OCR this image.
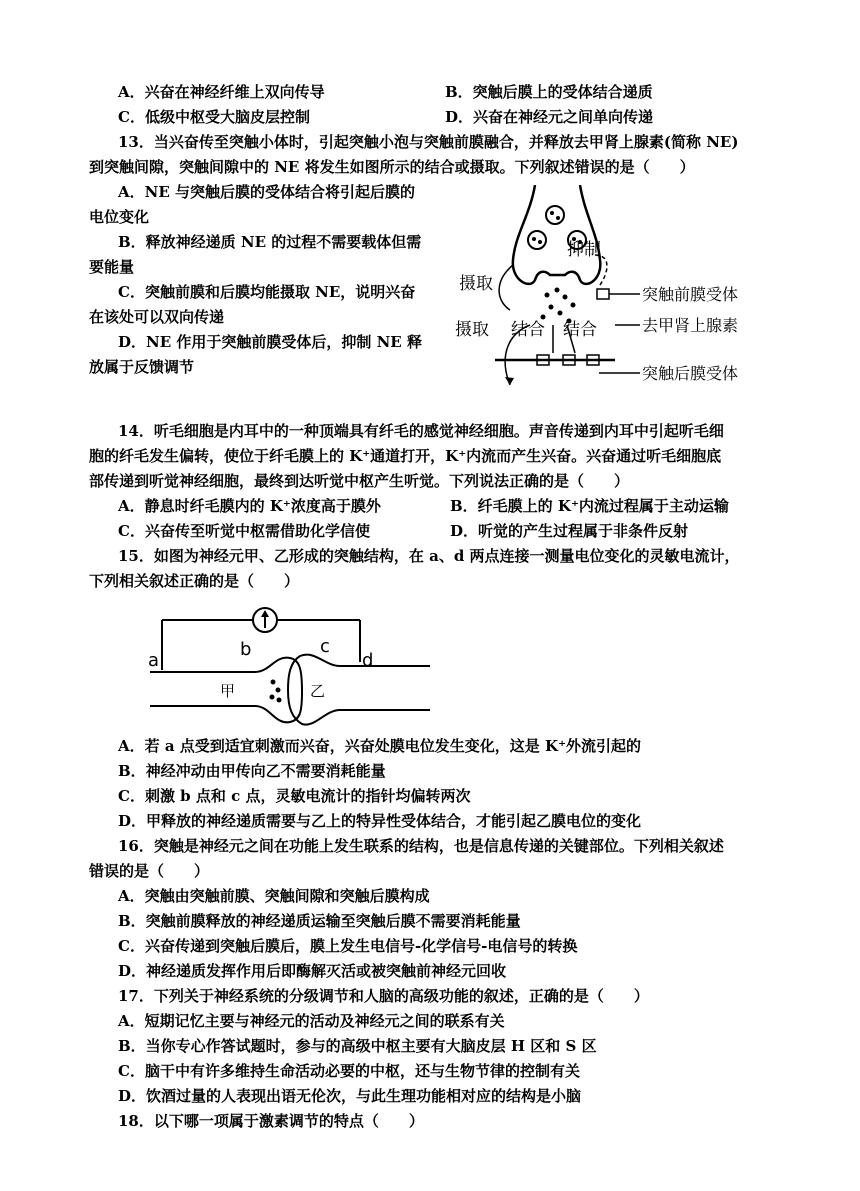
A．兴奋在神经纤维上双向传导	B．突触后膜上的受体结合递质
C．低级中枢受大脑皮层控制	D．兴奋在神经元之间单向传递
13．当兴奋传至突触小体时，引起突触小泡与突触前膜融合，并释放去甲肾上腺素(简称 NE)
到突触间隙，突触间隙中的 NE 将发生如图所示的结合或摄取。下列叙述错误的是（　　）
A．NE 与突触后膜的受体结合将引起后膜的
电位变化
B．释放神经递质 NE 的过程不需要载体但需
要能量
C．突触前膜和后膜均能摄取 NE，说明兴奋
在该处可以双向传递
D．NE 作用于突触前膜受体后，抑制 NE 释
放属于反馈调节
抑制
摄取
摄取 结合 结合
突触前膜受体
去甲肾上腺素
突触后膜受体
14．听毛细胞是内耳中的一种顶端具有纤毛的感觉神经细胞。声音传递到内耳中引起听毛细
胞的纤毛发生偏转，使位于纤毛膜上的 K⁺通道打开，K⁺内流而产生兴奋。兴奋通过听毛细胞底
部传递到听觉神经细胞，最终到达听觉中枢产生听觉。下列说法正确的是（　　）
A．静息时纤毛膜内的 K⁺浓度高于膜外	B．纤毛膜上的 K⁺内流过程属于主动运输
C．兴奋传至听觉中枢需借助化学信使	D．听觉的产生过程属于非条件反射
15．如图为神经元甲、乙形成的突触结构，在 a、d 两点连接一测量电位变化的灵敏电流计，
下列相关叙述正确的是（　　）
a
b	c
d
甲	乙
A．若 a 点受到适宜刺激而兴奋，兴奋处膜电位发生变化，这是 K⁺外流引起的
B．神经冲动由甲传向乙不需要消耗能量
C．刺激 b 点和 c 点，灵敏电流计的指针均偏转两次
D．甲释放的神经递质需要与乙上的特异性受体结合，才能引起乙膜电位的变化
16．突触是神经元之间在功能上发生联系的结构，也是信息传递的关键部位。下列相关叙述
错误的是（　　）
A．突触由突触前膜、突触间隙和突触后膜构成
B．突触前膜释放的神经递质运输至突触后膜不需要消耗能量
C．兴奋传递到突触后膜后，膜上发生电信号-化学信号-电信号的转换
D．神经递质发挥作用后即酶解灭活或被突触前神经元回收
17．下列关于神经系统的分级调节和人脑的高级功能的叙述，正确的是（　　）
A．短期记忆主要与神经元的活动及神经元之间的联系有关
B．当你专心作答试题时，参与的高级中枢主要有大脑皮层 H 区和 S 区
C．脑干中有许多维持生命活动必要的中枢，还与生物节律的控制有关
D．饮酒过量的人表现出语无伦次，与此生理功能相对应的结构是小脑
18．以下哪一项属于激素调节的特点（　　）
